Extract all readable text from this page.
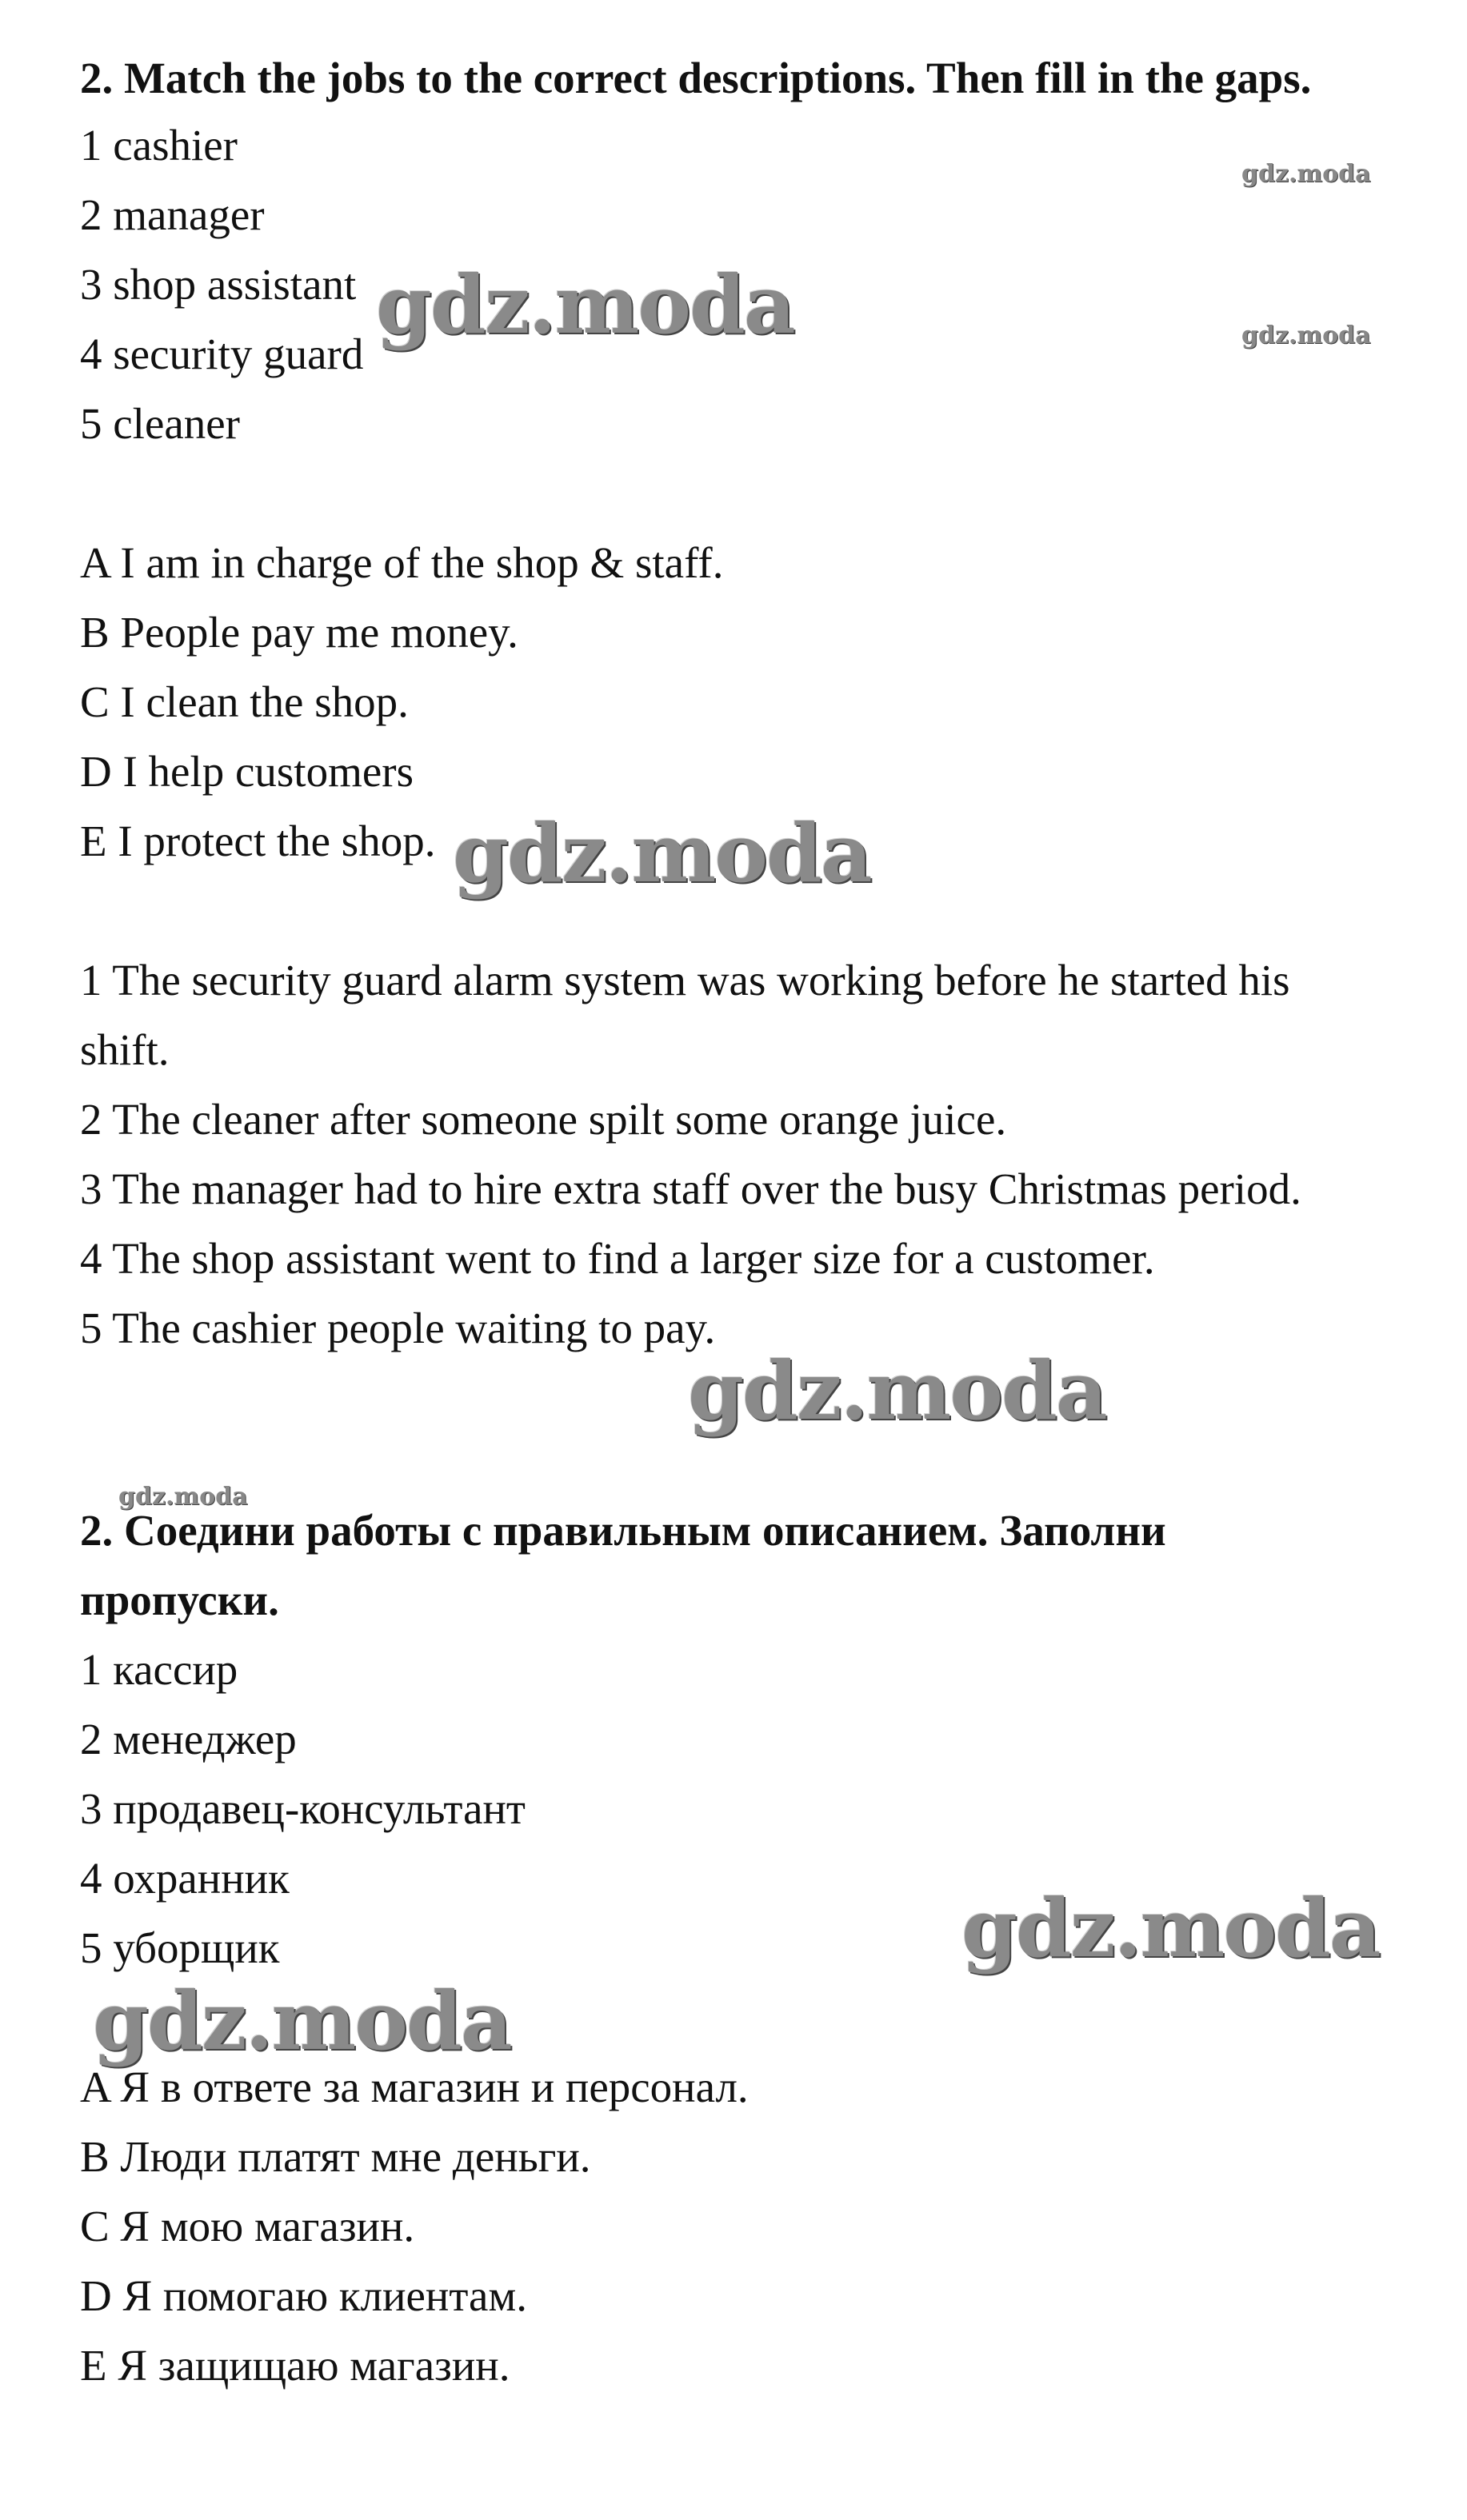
2. Match the jobs to the correct descriptions. Then fill in the gaps.
1 cashier
2 manager
3 shop assistant
4 security guard
5 cleaner
A I am in charge of the shop & staff.
B People pay me money.
C I clean the shop.
D I help customers
E I protect the shop.
1 The security guard alarm system was working before he started his
shift.
2 The cleaner after someone spilt some orange juice.
3 The manager had to hire extra staff over the busy Christmas period.
4 The shop assistant went to find a larger size for a customer.
5 The cashier people waiting to pay.
2. Соедини работы с правильным описанием. Заполни
пропуски.
1 кассир
2 менеджер
3 продавец-консультант
4 охранник
5 уборщик
A Я в ответе за магазин и персонал.
B Люди платят мне деньги.
C Я мою магазин.
D Я помогаю клиентам.
E Я защищаю магазин.
gdz.moda
gdz.moda
gdz.moda
gdz.moda
gdz.moda
gdz.moda
gdz.moda
gdz.moda
